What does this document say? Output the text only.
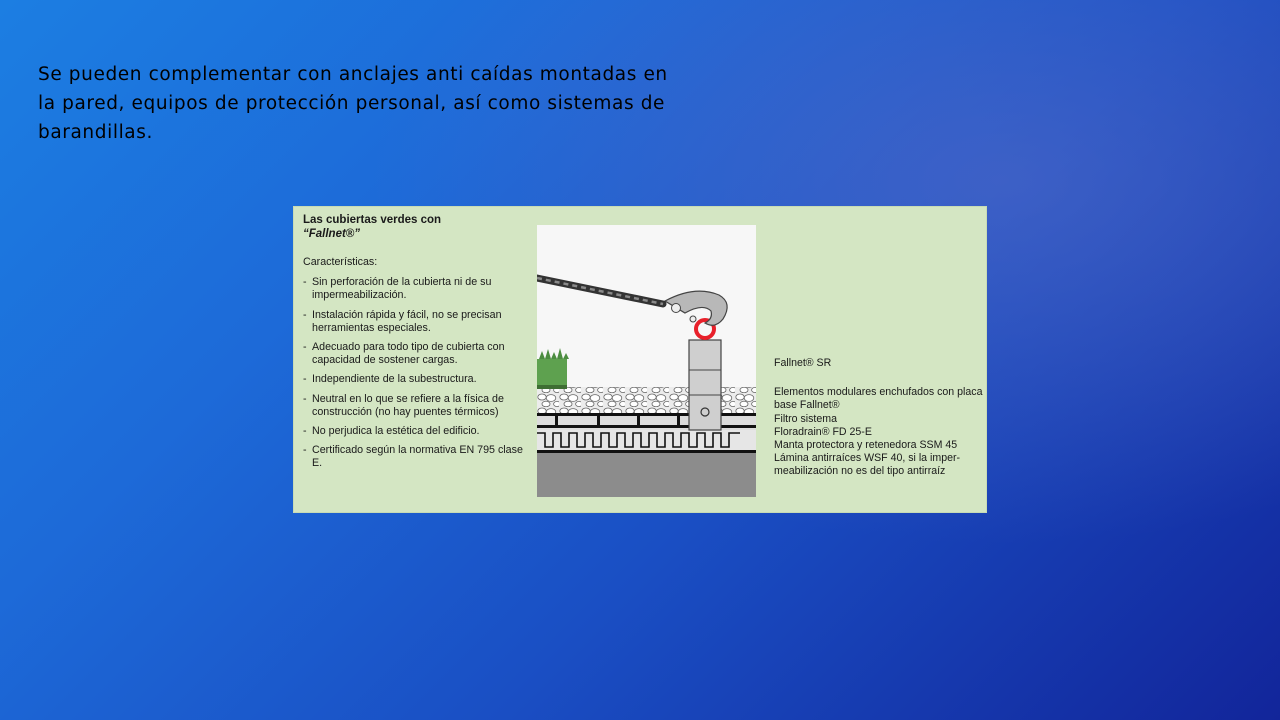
Se pueden complementar con anclajes anti caídas montadas en la pared, equipos de protección personal, así como sistemas de barandillas.

Las cubiertas verdes con
“Fallnet®”
Características:
- Sin perforación de la cubierta ni de su impermeabilización.
- Instalación rápida y fácil, no se precisan herramientas especiales.
- Adecuado para todo tipo de cubierta con capacidad de sostener cargas.
- Independiente de la subestructura.
- Neutral en lo que se refiere a la física de construcción (no hay puentes térmicos)
- No perjudica la estética del edificio.
- Certificado según la normativa EN 795 clase E.
Fallnet® SR

Elementos modulares enchufados con placa base Fallnet®

Filtro sistema

Floradrain® FD 25-E

Manta protectora y retenedora SSM 45

Lámina antirraíces WSF 40, si la imper- meabilización no es del tipo antirraíz
